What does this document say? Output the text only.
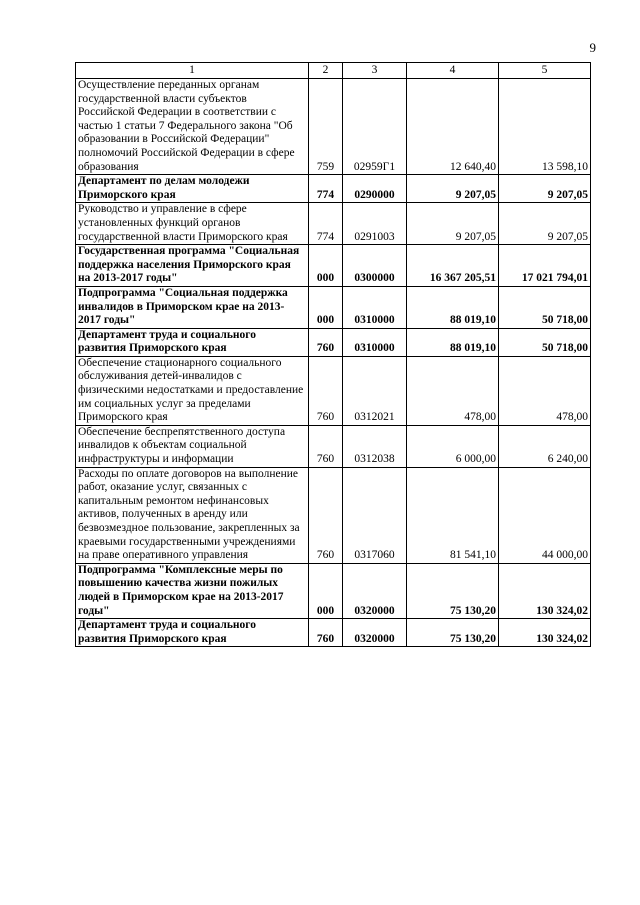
9
1	2	3	4	5
Осуществление переданных органам государственной власти субъектов Российской Федерации в соответствии с частью 1 статьи 7 Федерального закона "Об образовании в Российской Федерации" полномочий Российской Федерации в сфере образования	759	02959Г1	12 640,40	13 598,10
Департамент по делам молодежи Приморского края	774	0290000	9 207,05	9 207,05
Руководство и управление в сфере установленных функций органов государственной власти Приморского края	774	0291003	9 207,05	9 207,05
Государственная программа "Социальная поддержка населения Приморского края на 2013-2017 годы"	000	0300000	16 367 205,51	17 021 794,01
Подпрограмма "Социальная поддержка инвалидов в Приморском крае на 2013-2017 годы"	000	0310000	88 019,10	50 718,00
Департамент труда и социального развития Приморского края	760	0310000	88 019,10	50 718,00
Обеспечение стационарного социального обслуживания детей-инвалидов с физическими недостатками и предоставление им социальных услуг за пределами Приморского края	760	0312021	478,00	478,00
Обеспечение беспрепятственного доступа инвалидов к объектам социальной инфраструктуры и информации	760	0312038	6 000,00	6 240,00
Расходы по оплате договоров на выполнение работ, оказание услуг, связанных с капитальным ремонтом нефинансовых активов, полученных в аренду или безвозмездное пользование, закрепленных за краевыми государственными учреждениями на праве оперативного управления	760	0317060	81 541,10	44 000,00
Подпрограмма "Комплексные меры по повышению качества жизни пожилых людей в Приморском крае на 2013-2017 годы"	000	0320000	75 130,20	130 324,02
Департамент труда и социального развития Приморского края	760	0320000	75 130,20	130 324,02
